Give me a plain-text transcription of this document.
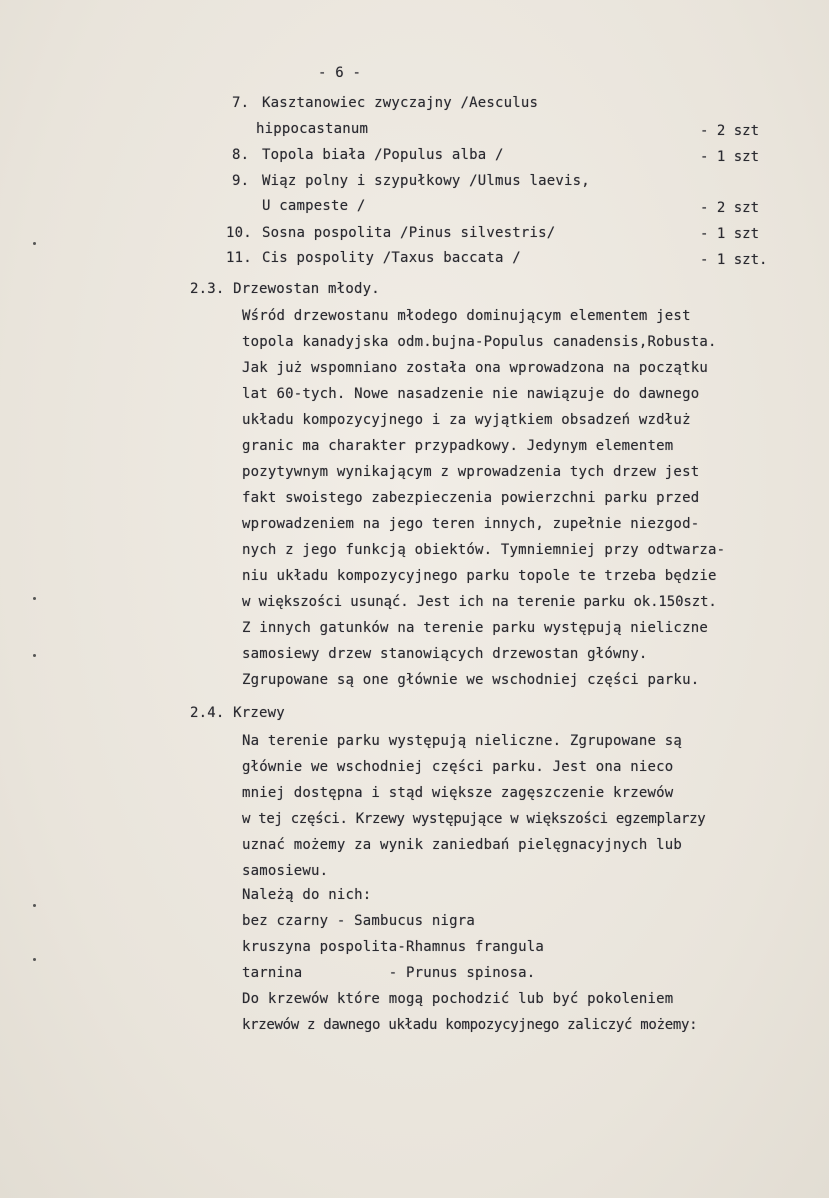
- 6 -
7. Kasztanowiec zwyczajny /Aesculus
hippocastanum	- 2 szt
8. Topola biała /Populus alba /	- 1 szt
9. Wiąz polny i szypułkowy /Ulmus laevis,
U campeste /	- 2 szt
10. Sosna pospolita /Pinus silvestris/	- 1 szt
11. Cis pospolity /Taxus baccata /	- 1 szt.
2.3. Drzewostan młody.
Wśród drzewostanu młodego dominującym elementem jest
topola kanadyjska odm.bujna-Populus canadensis,Robusta.
Jak już wspomniano została ona wprowadzona na początku
lat 60-tych. Nowe nasadzenie nie nawiązuje do dawnego
układu kompozycyjnego i za wyjątkiem obsadzeń wzdłuż
granic ma charakter przypadkowy. Jedynym elementem
pozytywnym wynikającym z wprowadzenia tych drzew jest
fakt swoistego zabezpieczenia powierzchni parku przed
wprowadzeniem na jego teren innych, zupełnie niezgod-
nych z jego funkcją obiektów. Tymniemniej przy odtwarza-
niu układu kompozycyjnego parku topole te trzeba będzie
w większości usunąć. Jest ich na terenie parku ok.150szt.
Z innych gatunków na terenie parku występują nieliczne
samosiewy drzew stanowiących drzewostan główny.
Zgrupowane są one głównie we wschodniej części parku.
2.4. Krzewy
Na terenie parku występują nieliczne. Zgrupowane są
głównie we wschodniej części parku. Jest ona nieco
mniej dostępna i stąd większe zagęszczenie krzewów
w tej części. Krzewy występujące w większości egzemplarzy
uznać możemy za wynik zaniedbań pielęgnacyjnych lub
samosiewu.
Należą do nich:
bez czarny - Sambucus nigra
kruszyna pospolita-Rhamnus frangula
tarnina          - Prunus spinosa.
Do krzewów które mogą pochodzić lub być pokoleniem
krzewów z dawnego układu kompozycyjnego zaliczyć możemy:
